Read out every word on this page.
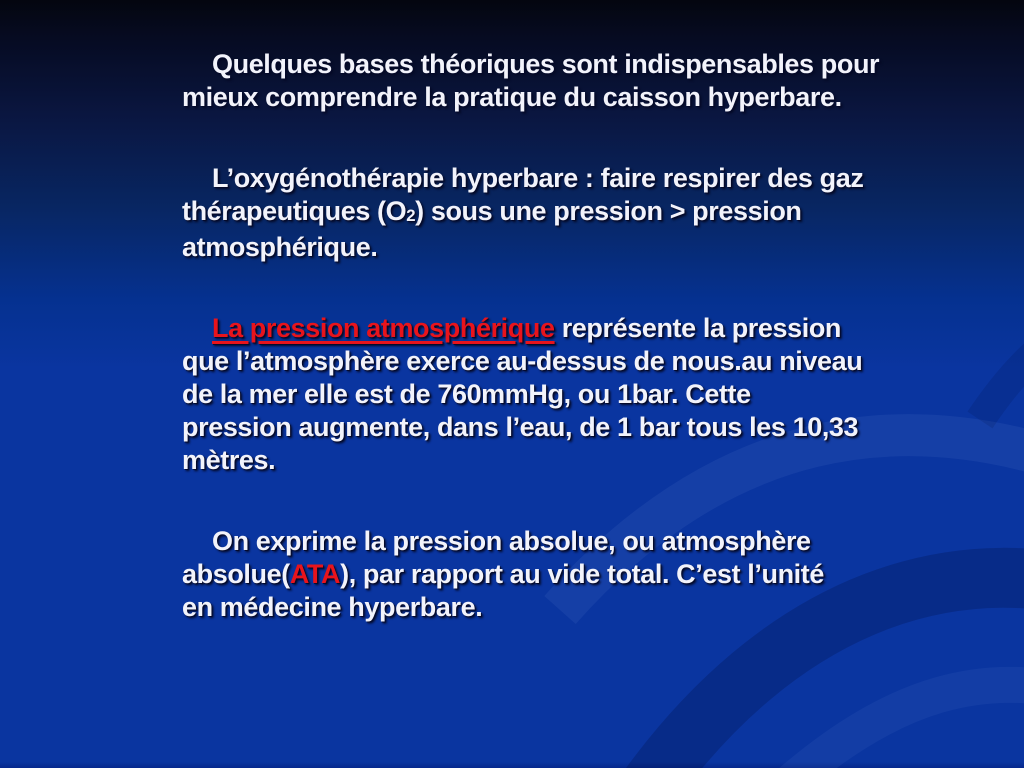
Quelques bases théoriques sont indispensables pour
mieux comprendre la pratique du caisson hyperbare.
L’oxygénothérapie hyperbare : faire respirer des gaz
thérapeutiques (O2) sous une pression > pression
atmosphérique.
La pression atmosphérique représente la pression
que l’atmosphère exerce au-dessus de nous.au niveau
de la mer elle est de 760mmHg, ou 1bar. Cette
pression augmente, dans l’eau, de 1 bar tous les 10,33
mètres.
On exprime la pression absolue, ou atmosphère
absolue(ATA), par rapport au vide total. C’est l’unité
en médecine hyperbare.
